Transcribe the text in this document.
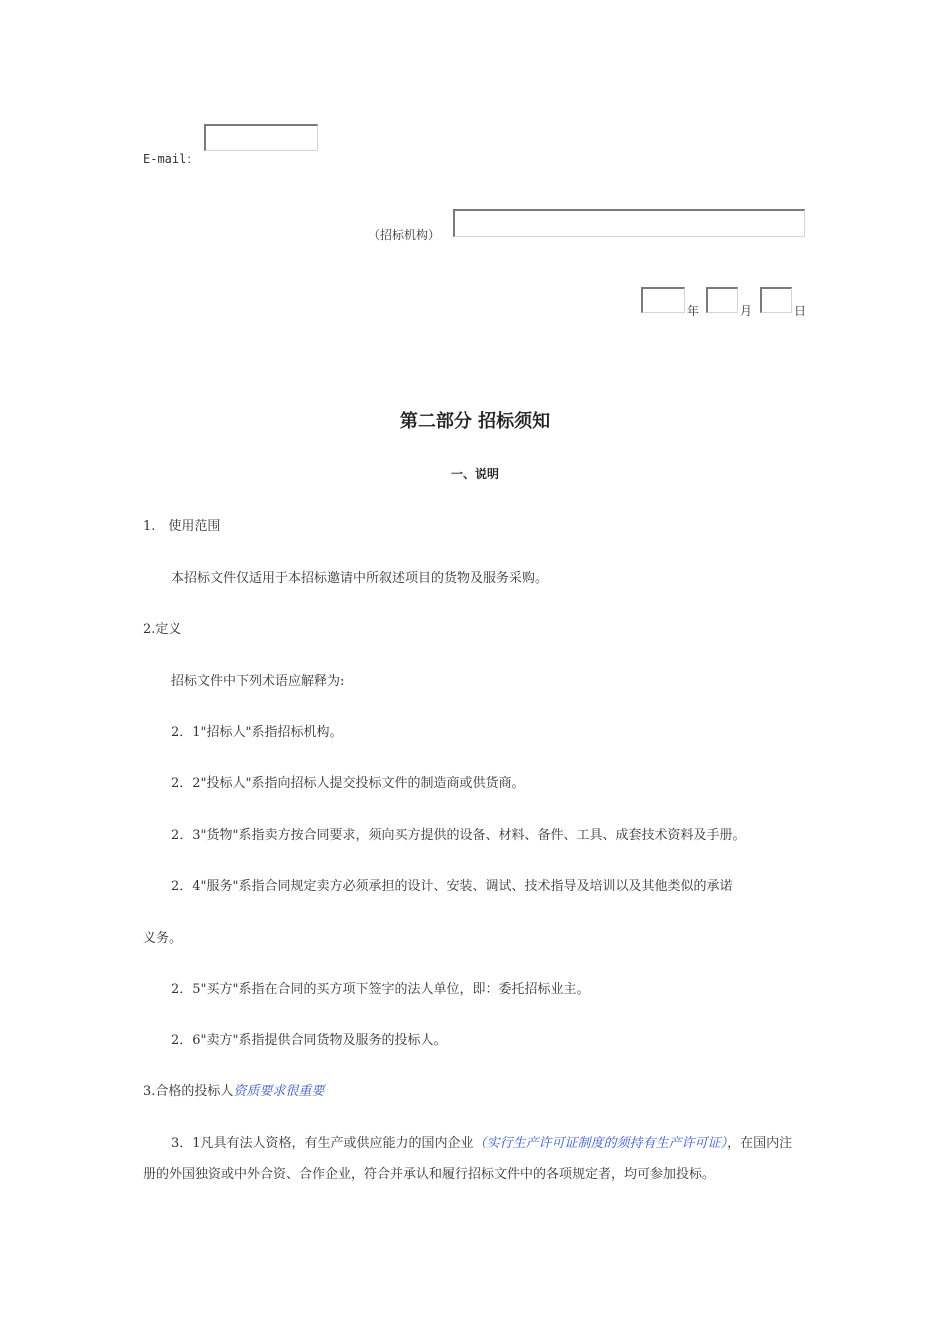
E-mail：
（招标机构）
年	月	日
第二部分 招标须知
一、说明
1.　使用范围
本招标文件仅适用于本招标邀请中所叙述项目的货物及服务采购。
2.定义
招标文件中下列术语应解释为:
2．1"招标人"系指招标机构。
2．2"投标人"系指向招标人提交投标文件的制造商或供货商。
2．3"货物"系指卖方按合同要求，须向买方提供的设备、材料、备件、工具、成套技术资料及手册。
2．4"服务"系指合同规定卖方必须承担的设计、安装、调试、技术指导及培训以及其他类似的承诺
义务。
2．5"买方"系指在合同的买方项下签字的法人单位，即：委托招标业主。
2．6"卖方"系指提供合同货物及服务的投标人。
3.合格的投标人资质要求很重要
3．1凡具有法人资格，有生产或供应能力的国内企业（实行生产许可证制度的须持有生产许可证），在国内注
册的外国独资或中外合资、合作企业，符合并承认和履行招标文件中的各项规定者，均可参加投标。
